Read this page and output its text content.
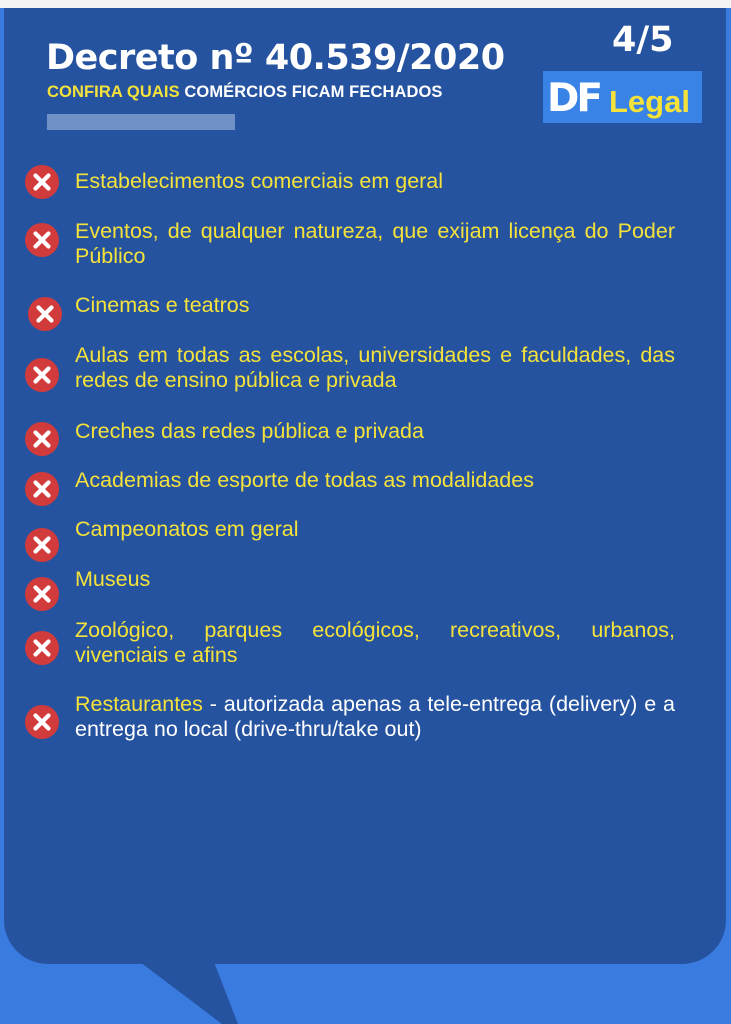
Decreto nº 40.539/2020
CONFIRA QUAIS COMÉRCIOS FICAM FECHADOS
4/5
DF Legal
Estabelecimentos comerciais em geral
Eventos, de qualquer natureza, que exijam licença do Poder Público
Cinemas e teatros
Aulas em todas as escolas, universidades e faculdades, das redes de ensino pública e privada
Creches das redes pública e privada
Academias de esporte de todas as modalidades
Campeonatos em geral
Museus
Zoológico, parques ecológicos, recreativos, urbanos, vivenciais e afins
Restaurantes - autorizada apenas a tele-entrega (delivery) e a entrega no local (drive-thru/take out)
